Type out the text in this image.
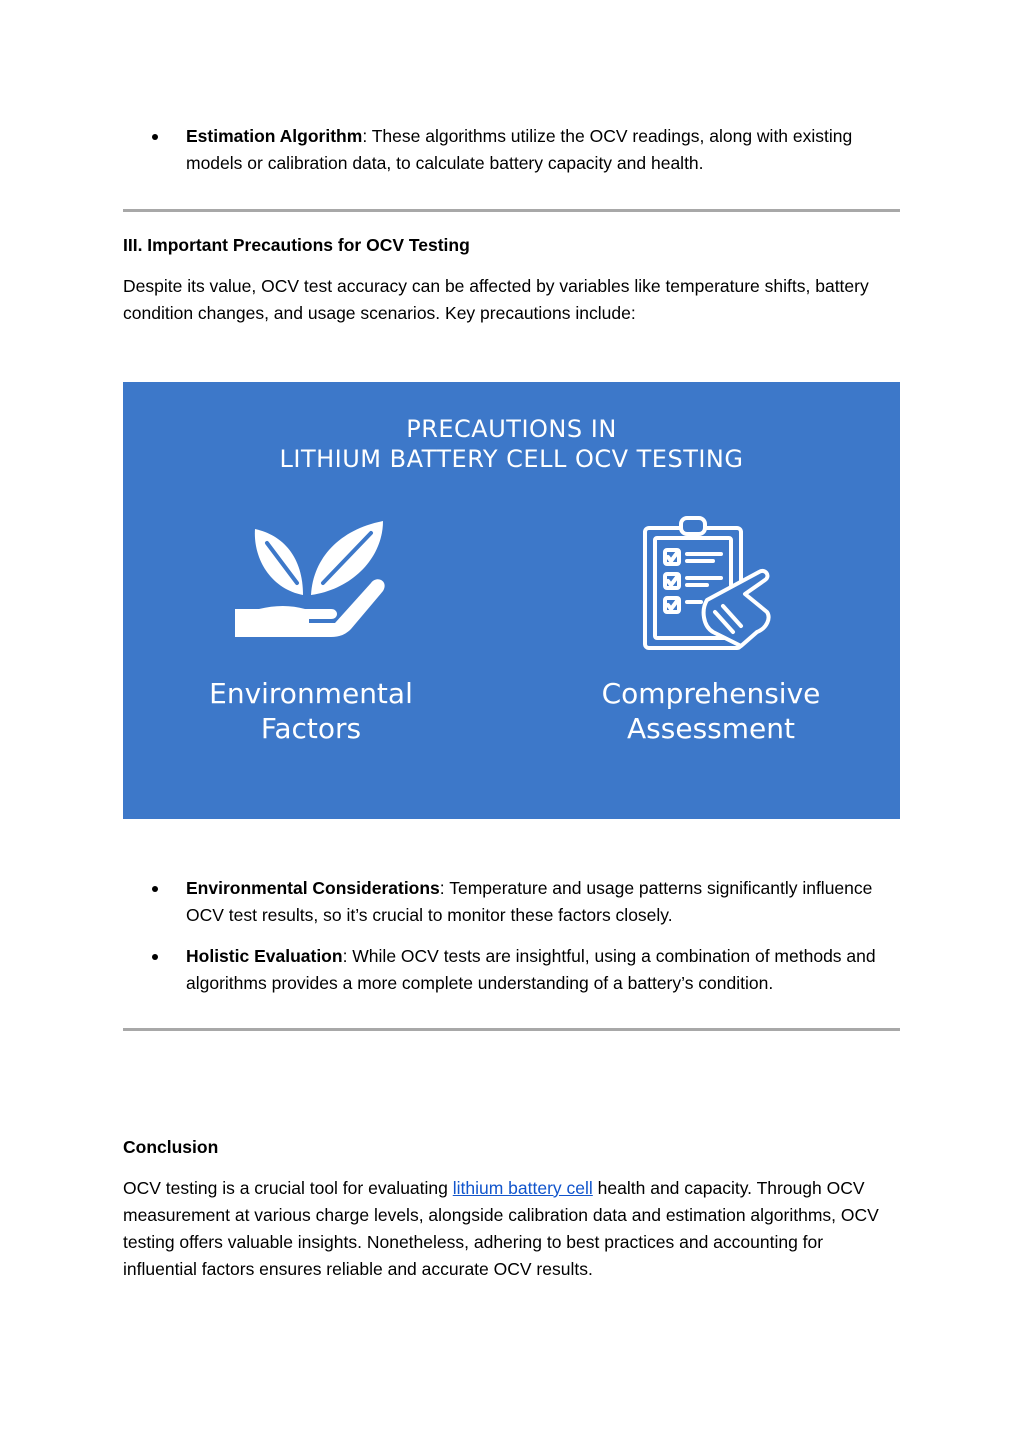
Estimation Algorithm: These algorithms utilize the OCV readings, along with existing models or calibration data, to calculate battery capacity and health.

III. Important Precautions for OCV Testing

Despite its value, OCV test accuracy can be affected by variables like temperature shifts, battery condition changes, and usage scenarios. Key precautions include:

PRECAUTIONS IN
LITHIUM BATTERY CELL OCV TESTING
Environmental
Factors
Comprehensive
Assessment

Environmental Considerations: Temperature and usage patterns significantly influence OCV test results, so it’s crucial to monitor these factors closely.

Holistic Evaluation: While OCV tests are insightful, using a combination of methods and algorithms provides a more complete understanding of a battery’s condition.

Conclusion

OCV testing is a crucial tool for evaluating lithium battery cell health and capacity. Through OCV measurement at various charge levels, alongside calibration data and estimation algorithms, OCV testing offers valuable insights. Nonetheless, adhering to best practices and accounting for influential factors ensures reliable and accurate OCV results.
